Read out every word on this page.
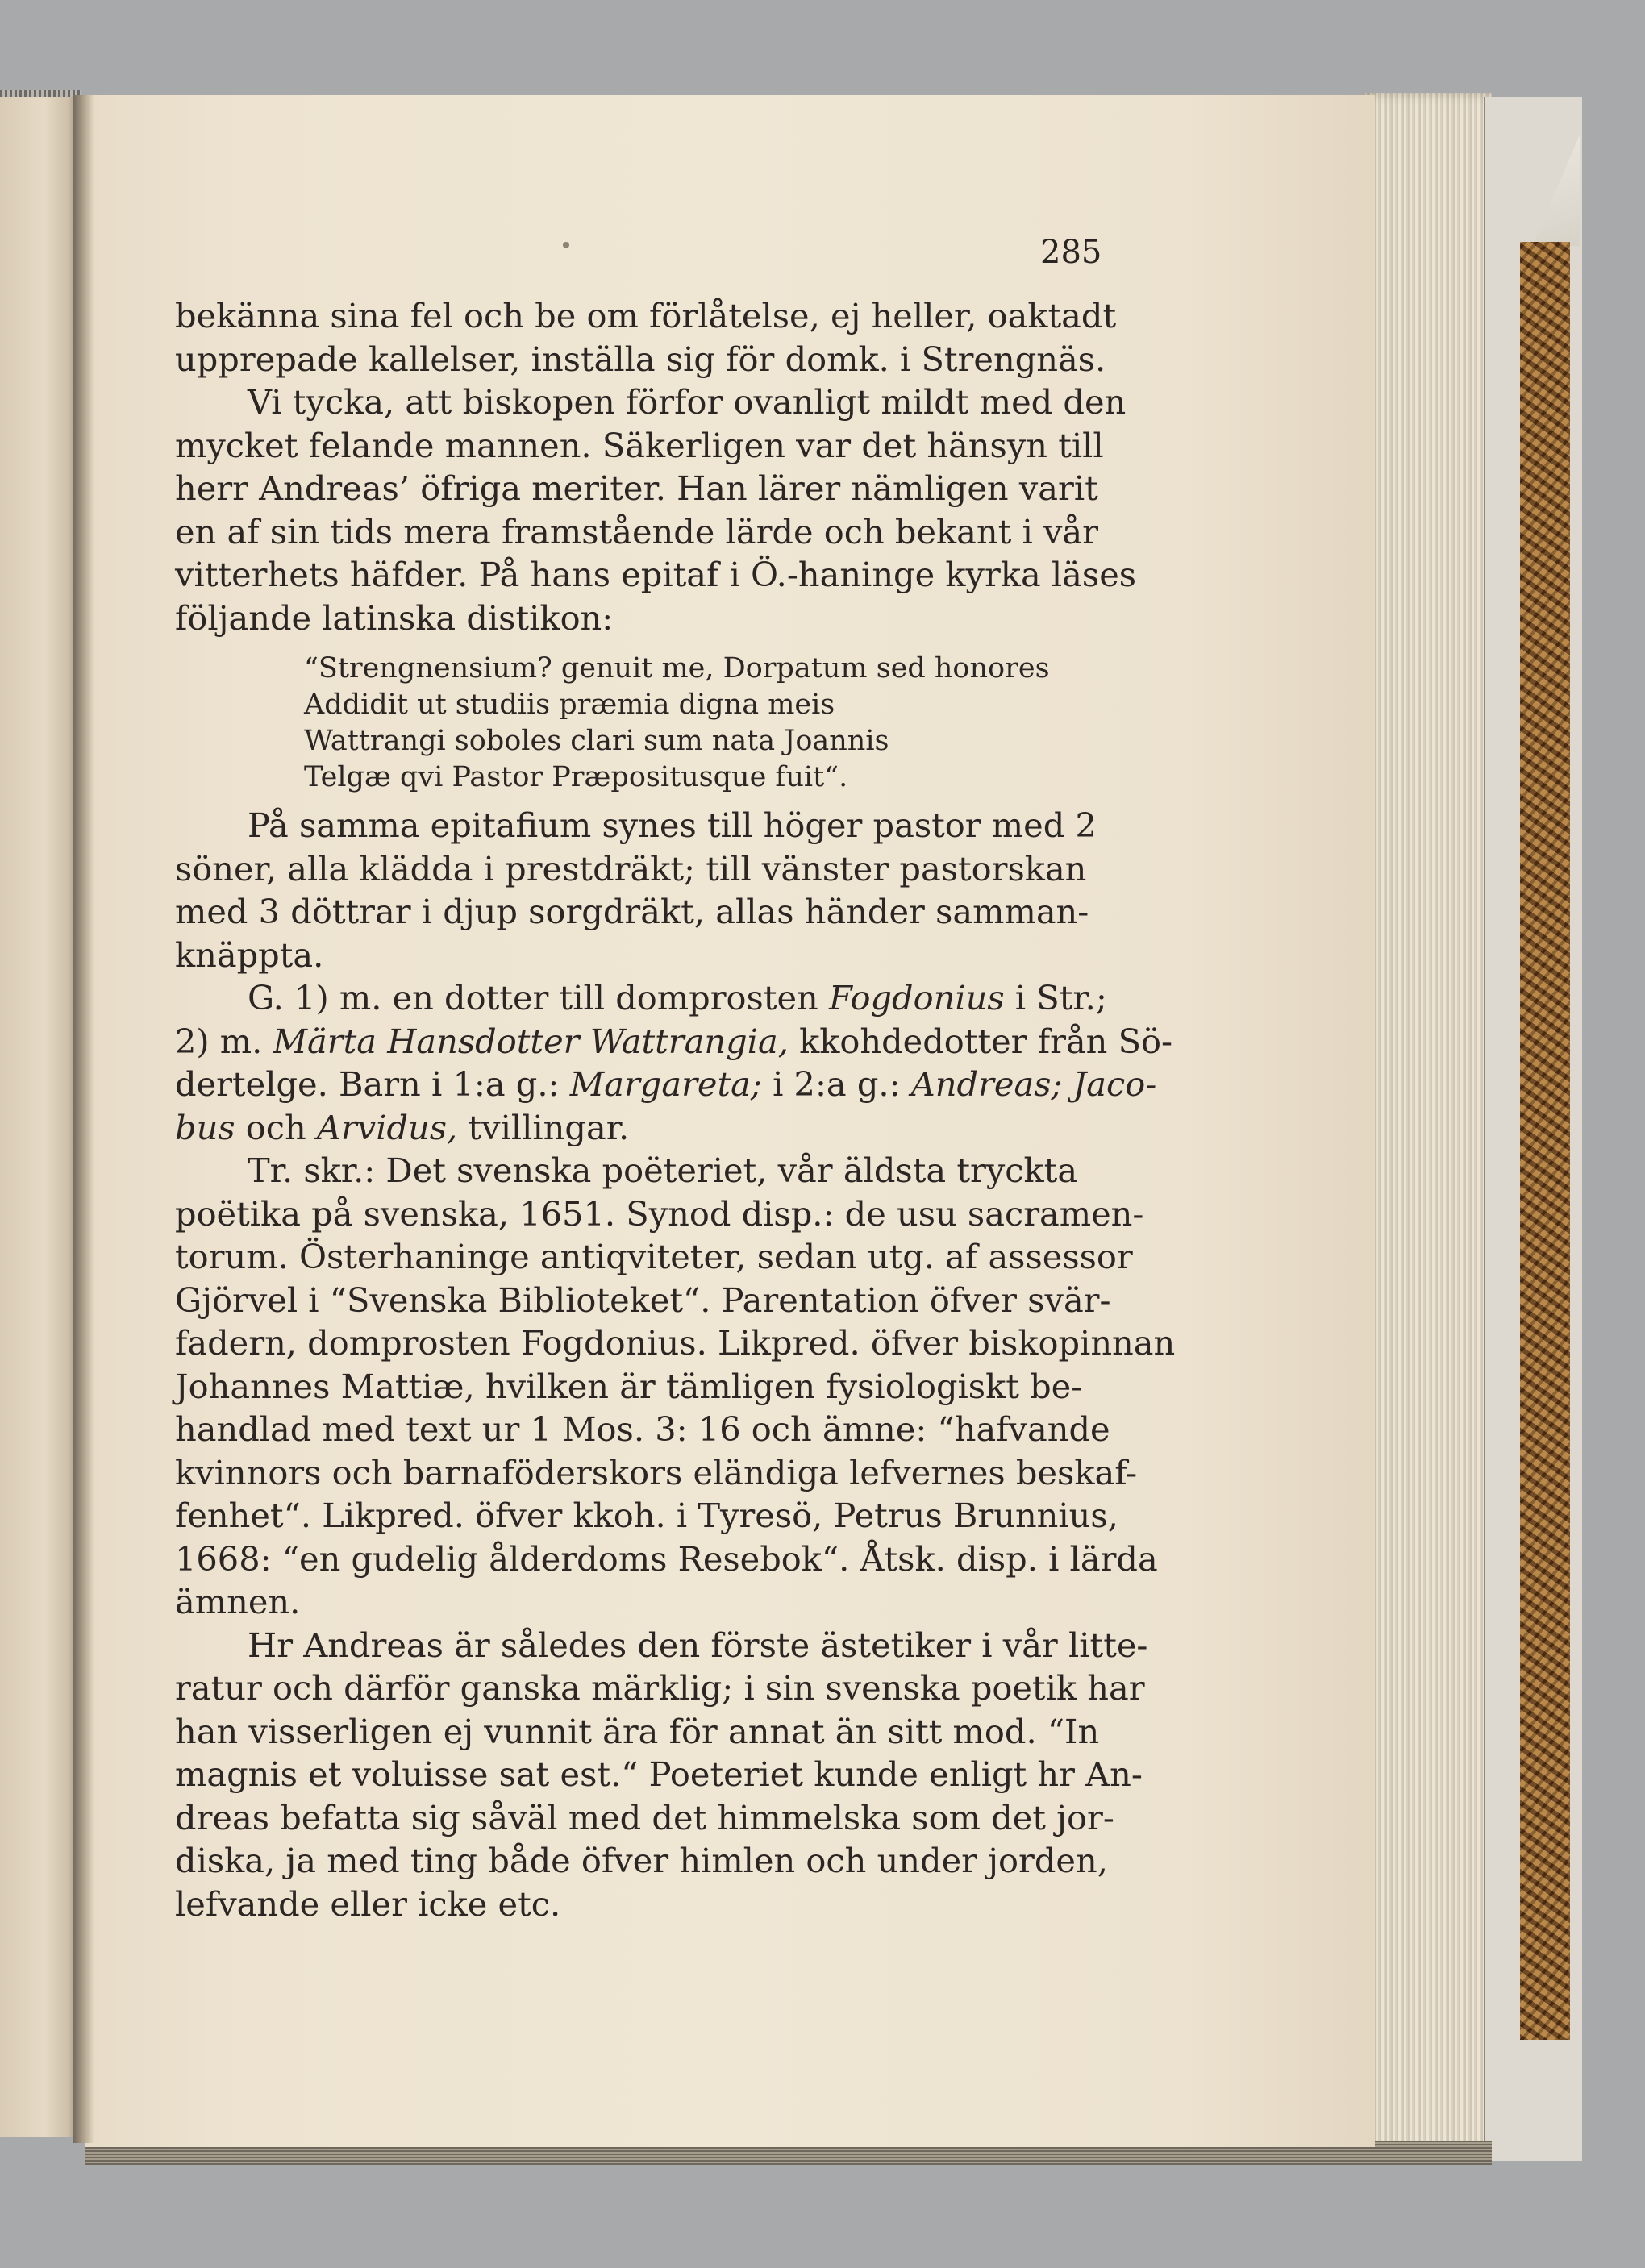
285

bekänna sina fel och be om förlåtelse, ej heller, oaktadt
upprepade kallelser, inställa sig för domk. i Strengnäs.

Vi tycka, att biskopen förfor ovanligt mildt med den
mycket felande mannen. Säkerligen var det hänsyn till
herr Andreas’ öfriga meriter. Han lärer nämligen varit
en af sin tids mera framstående lärde och bekant i vår
vitterhets häfder. På hans epitaf i Ö.-haninge kyrka läses
följande latinska distikon:

“Strengnensium? genuit me, Dorpatum sed honores
Addidit ut studiis præmia digna meis
Wattrangi soboles clari sum nata Joannis
Telgæ qvi Pastor Præpositusque fuit“.

På samma epitafium synes till höger pastor med 2
söner, alla klädda i prestdräkt; till vänster pastorskan
med 3 döttrar i djup sorgdräkt, allas händer samman-
knäppta.

G. 1) m. en dotter till domprosten Fogdonius i Str.;
2) m. Märta Hansdotter Wattrangia, kkohdedotter från Sö-
dertelge. Barn i 1:a g.: Margareta; i 2:a g.: Andreas; Jaco-
bus och Arvidus, tvillingar.

Tr. skr.: Det svenska poëteriet, vår äldsta tryckta
poëtika på svenska, 1651. Synod disp.: de usu sacramen-
torum. Österhaninge antiqviteter, sedan utg. af assessor
Gjörvel i “Svenska Biblioteket“. Parentation öfver svär-
fadern, domprosten Fogdonius. Likpred. öfver biskopinnan
Johannes Mattiæ, hvilken är tämligen fysiologiskt be-
handlad med text ur 1 Mos. 3: 16 och ämne: “hafvande
kvinnors och barnaföderskors eländiga lefvernes beskaf-
fenhet“. Likpred. öfver kkoh. i Tyresö, Petrus Brunnius,
1668: “en gudelig ålderdoms Resebok“. Åtsk. disp. i lärda
ämnen.

Hr Andreas är således den förste ästetiker i vår litte-
ratur och därför ganska märklig; i sin svenska poetik har
han visserligen ej vunnit ära för annat än sitt mod. “In
magnis et voluisse sat est.“ Poeteriet kunde enligt hr An-
dreas befatta sig såväl med det himmelska som det jor-
diska, ja med ting både öfver himlen och under jorden,
lefvande eller icke etc.
